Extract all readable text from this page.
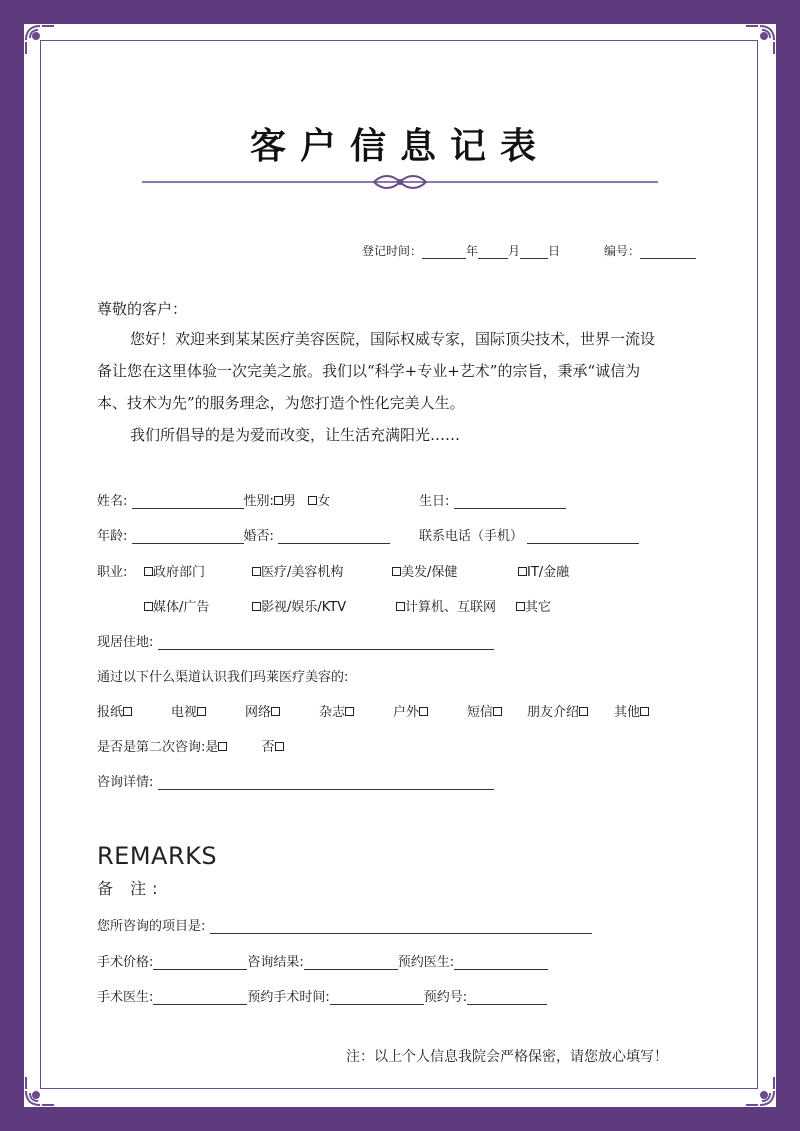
客户信息记表
登记时间：	年	月 日	编号：
尊敬的客户：
您好！欢迎来到某某医疗美容医院，国际权威专家，国际顶尖技术，世界一流设
备让您在这里体验一次完美之旅。我们以“科学+专业+艺术”的宗旨，秉承“诚信为
本、技术为先”的服务理念，为您打造个性化完美人生。
我们所倡导的是为爱而改变，让生活充满阳光……
姓名:	性别: 男 女	生日:
年龄:	婚否:	联系电话（手机）
职业:	政府部门	医疗/美容机构	美发/保健	IT/金融
媒体/广告	影视/娱乐/KTV	计算机、互联网	其它
现居住地:
通过以下什么渠道认识我们玛莱医疗美容的:
报纸	电视	网络	杂志	户外	短信	朋友介绍	其他
是否是第二次咨询:是	否
咨询详情:
REMARKS
备 注:
您所咨询的项目是:
手术价格:	咨询结果:	预约医生:
手术医生:	预约手术时间:	预约号:
注：以上个人信息我院会严格保密，请您放心填写！
